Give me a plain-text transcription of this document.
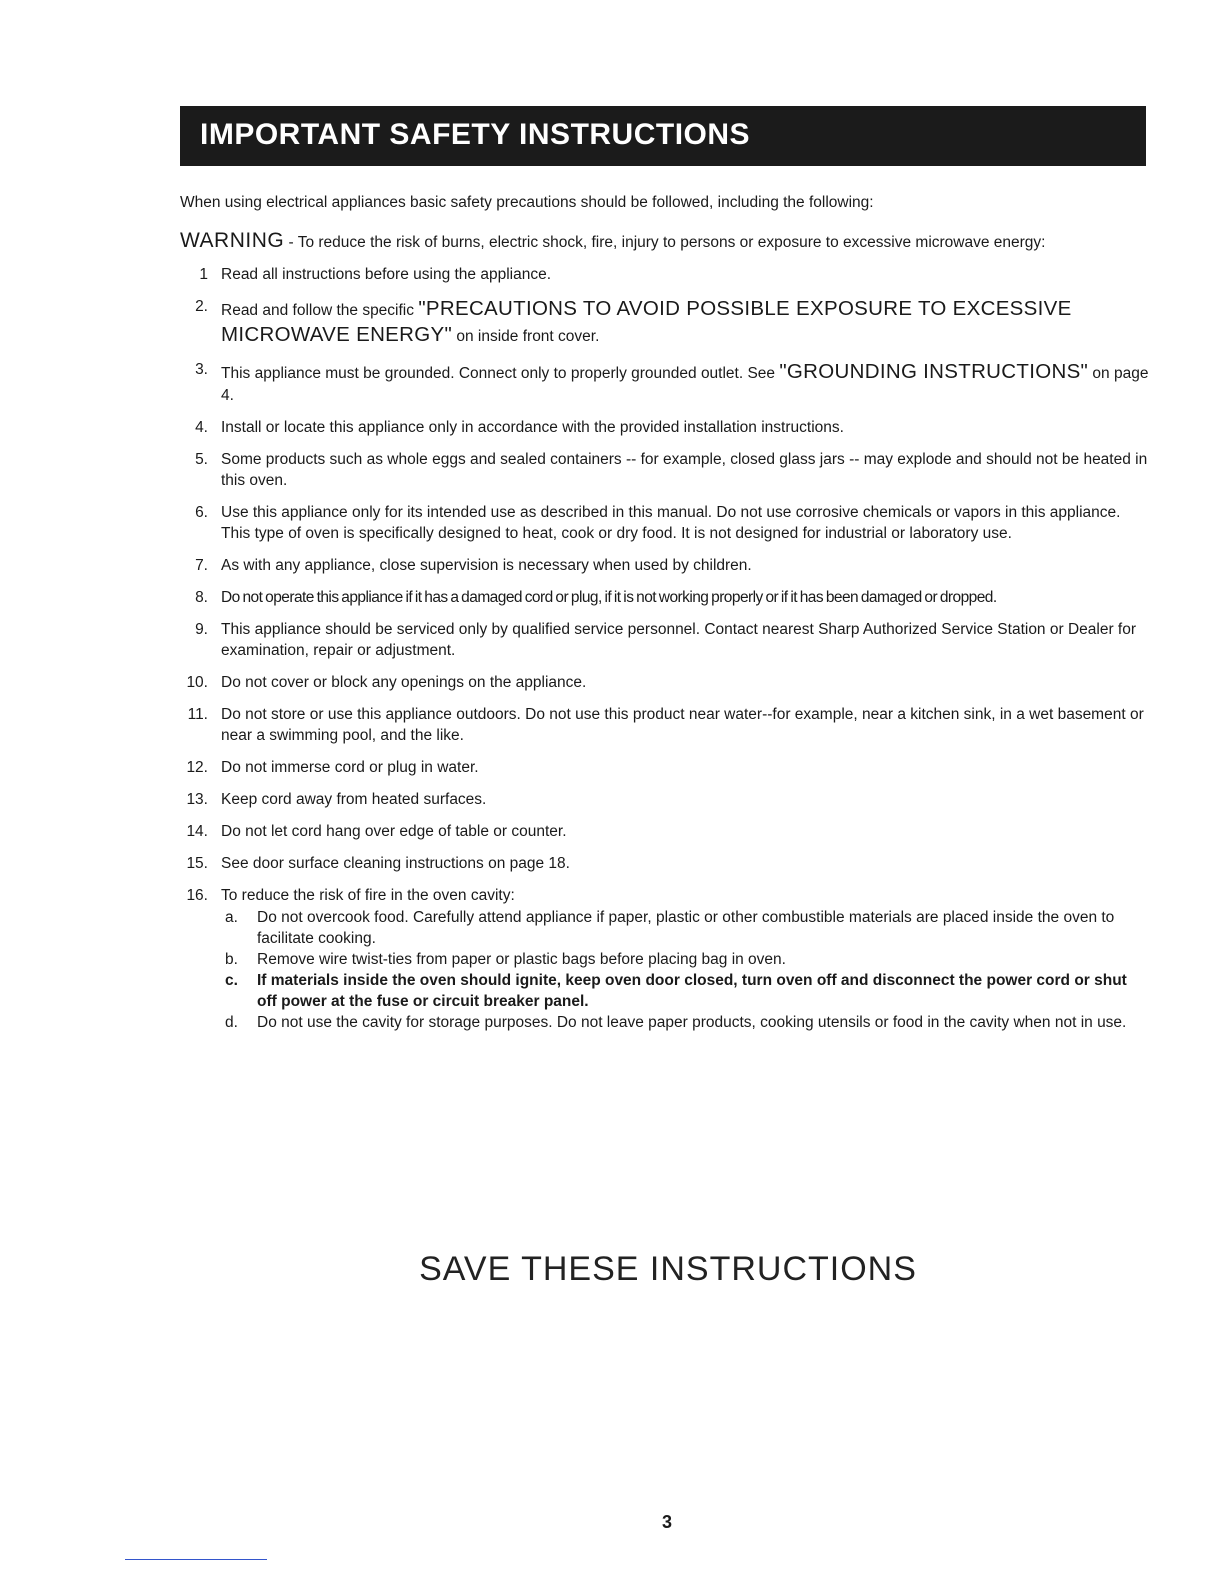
IMPORTANT SAFETY INSTRUCTIONS
When using electrical appliances basic safety precautions should be followed, including the following:
WARNING - To reduce the risk of burns, electric shock, fire, injury to persons or exposure to excessive microwave energy:
1 Read all instructions before using the appliance.
2. Read and follow the specific "PRECAUTIONS TO AVOID POSSIBLE EXPOSURE TO EXCESSIVE MICROWAVE ENERGY" on inside front cover.
3. This appliance must be grounded. Connect only to properly grounded outlet. See "GROUNDING INSTRUCTIONS" on page 4.
4. Install or locate this appliance only in accordance with the provided installation instructions.
5. Some products such as whole eggs and sealed containers -- for example, closed glass jars -- may explode and should not be heated in this oven.
6. Use this appliance only for its intended use as described in this manual. Do not use corrosive chemicals or vapors in this appliance. This type of oven is specifically designed to heat, cook or dry food. It is not designed for industrial or laboratory use.
7. As with any appliance, close supervision is necessary when used by children.
8. Do not operate this appliance if it has a damaged cord or plug, if it is not working properly or if it has been damaged or dropped.
9. This appliance should be serviced only by qualified service personnel. Contact nearest Sharp Authorized Service Station or Dealer for examination, repair or adjustment.
10. Do not cover or block any openings on the appliance.
11. Do not store or use this appliance outdoors. Do not use this product near water--for example, near a kitchen sink, in a wet basement or near a swimming pool, and the like.
12. Do not immerse cord or plug in water.
13. Keep cord away from heated surfaces.
14. Do not let cord hang over edge of table or counter.
15. See door surface cleaning instructions on page 18.
16. To reduce the risk of fire in the oven cavity:
a. Do not overcook food. Carefully attend appliance if paper, plastic or other combustible materials are placed inside the oven to facilitate cooking.
b. Remove wire twist-ties from paper or plastic bags before placing bag in oven.
c. If materials inside the oven should ignite, keep oven door closed, turn oven off and disconnect the power cord or shut off power at the fuse or circuit breaker panel.
d. Do not use the cavity for storage purposes. Do not leave paper products, cooking utensils or food in the cavity when not in use.
SAVE THESE INSTRUCTIONS
3
